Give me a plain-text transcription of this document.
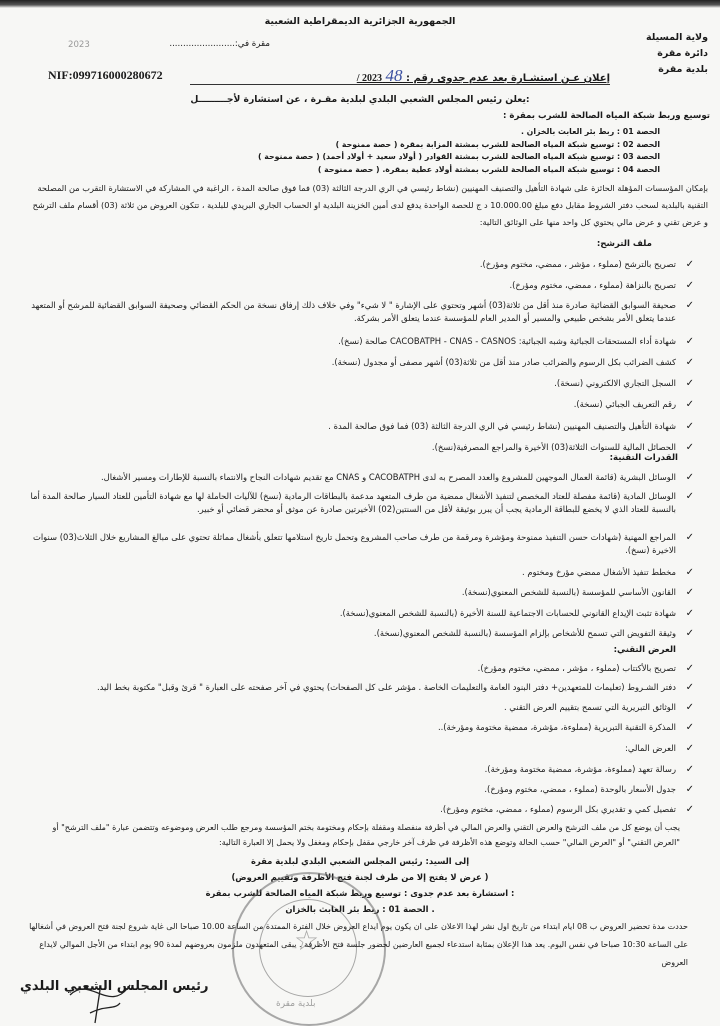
الجمهورية الجزائرية الديمقراطية الشعبية
ولاية المسيلة
دائرة مقرة
بلدية مقرة
مقرة في:........................
2023
NIF:099716000280672	إعلان عـن استشـارة بعد عدم جدوى رقم : 48 2023 /
يعلن رئيس المجلس الشعبي البلدي لبلدية مقـرة ، عن استشارة لأجـــــــــل:
توسيع وربط شبكة المياه الصالحة للشرب بمقرة :
الحصة 01 : ربط بئر العابث بالخزان .
الحصة 02 : توسيع شبكة المياه الصالحة للشرب بمشتة المزابة بمقرة ( حصة ممنوحة )
الحصة 03 : توسيع شبكة المياه الصالحة للشرب بمشتة القوادر ( أولاد سعيد + أولاد أحمد) ( حصة ممنوحة )
الحصة 04 : توسيع شبكة المياه الصالحة للشرب بمشتة أولاد عطية بمقرة. ( حصة ممنوحة )
بإمكان المؤسسات المؤهلة الحائزة على شهادة التأهيل والتصنيف المهنيين (نشاط رئيسي في الري الدرجة الثالثة (03) فما فوق صالحة المدة ، الراغبة في المشاركة في الاستشارة التقرب من المصلحة التقنية بالبلدية لسحب دفتر الشروط مقابل دفع مبلغ 10.000.00 د ج للحصة الواحدة يدفع لدى أمين الخزينة البلدية او الحساب الجاري البريدي للبلدية ، تتكون العروض من ثلاثة (03) أقسام ملف الترشح و عرض تقني و عرض مالي يحتوي كل واحد منها على الوثائق التالية:
ملف الترشح:
✓
تصريح بالترشح (مملوء ، مؤشر ، ممضي، مختوم ومؤرخ).
✓
تصريح بالنزاهة (مملوء ، ممضي، مختوم ومؤرخ).
✓
صحيفة السوابق القضائية صادرة منذ أقل من ثلاثة(03) أشهر وتحتوي على الإشارة " لا شيء" وفي خلاف ذلك إرفاق نسخة من الحكم القضائي وصحيفة السوابق القضائية للمرشح أو المتعهد عندما يتعلق الأمر بشخص طبيعي والمسير أو المدير العام للمؤسسة عندما يتعلق الأمر بشركة.
✓
شهادة أداء المستحقات الجبائية وشبه الجبائية: CACOBATPH - CNAS - CASNOS صالحة (نسخ).
✓
كشف الضرائب بكل الرسوم والضرائب صادر منذ أقل من ثلاثة(03) أشهر مصفى أو مجدول (نسخة).
✓
السجل التجاري الالكتروني (نسخة).
✓
رقم التعريف الجبائي (نسخة).
✓
شهادة التأهيل والتصنيف المهنيين (نشاط رئيسي في الري الدرجة الثالثة (03) فما فوق صالحة المدة .
✓
الحصائل المالية للسنوات الثلاثة(03) الأخيرة والمراجع المصرفية(نسخ).
القدرات التقنية:
✓
الوسائل البشرية (قائمة العمال الموجهين للمشروع والعدد المصرح به لدى CACOBATPH و CNAS مع تقديم شهادات النجاح والانتماء بالنسبة للإطارات ومسير الأشغال.
✓
الوسائل المادية (قائمة مفصلة للعتاد المخصص لتنفيذ الأشغال ممضية من طرف المتعهد مدعمة بالبطاقات الرمادية (نسخ) للآليات الحاملة لها مع شهادة التأمين للعتاد السيار صالحة المدة أما بالنسبة للعتاد الذي لا يخضع للبطاقة الرمادية يجب أن يبرر بوثيقة لأقل من السنتين(02) الأخيرتين صادرة عن موثق أو محضر قضائي أو خبير.
✓
المراجع المهنية (شهادات حسن التنفيذ ممنوحة ومؤشرة ومرقمة من طرف صاحب المشروع وتحمل تاريخ استلامها تتعلق بأشغال مماثلة تحتوي على مبالغ المشاريع خلال الثلاث(03) سنوات الاخيرة (نسخ).
✓
مخطط تنفيذ الأشغال ممضي مؤرخ ومختوم .
✓
القانون الأساسي للمؤسسة (بالنسبة للشخص المعنوي(نسخة).
✓
شهادة تثبت الإيداع القانوني للحسابات الاجتماعية للسنة الأخيرة (بالنسبة للشخص المعنوي(نسخة).
✓
وثيقة التفويض التي تسمح للأشخاص بإلزام المؤسسة (بالنسبة للشخص المعنوي(نسخة).
العرض التقني:
✓
تصريح بالأكتتاب (مملوء ، مؤشر ، ممضي، مختوم ومؤرخ).
✓
دفتر الشـروط (تعليمات للمتعهدين+ دفتر البنود العامة والتعليمات الخاصة . مؤشر على كل الصفحات) يحتوي في آخر صفحته على العبارة " قرئ وقبل" مكتوبة بخط اليد.
✓
الوثائق التبريرية التي تسمح بتقييم العرض التقني .
✓
المذكرة التقنية التبريرية (مملوءة، مؤشرة، ممضية مختومة ومؤرخة)..
✓
العرض المالي:
✓
رسالة تعهد (مملوءة، مؤشرة، ممضية مختومة ومؤرخة).
✓
جدول الأسعار بالوحدة (مملوء ، ممضي، مختوم ومؤرخ).
✓
تفصيل كمي و تقديري بكل الرسوم (مملوء ، ممضي، مختوم ومؤرخ).
يجب أن يوضع كل من ملف الترشح والعرض التقني والعرض المالي في أظرفة منفصلة ومقفلة بإحكام ومختومة بختم المؤسسة ومرجع طلب العرض وموضوعه وتتضمن عبارة "ملف الترشح" أو "العرض التقني" أو "العرض المالي" حسب الحالة وتوضع هذه الأظرفة في ظرف آخر خارجي مقفل بإحكام ومغفل ولا يحمل إلا العبارة التالية:
إلى السيد: رئيس المجلس الشعبي البلدي لبلدية مقرة
(عرض لا يفتح إلا من طرف لجنة فتح الأظرفة وتقييم العروض )
استشارة بعد عدم جدوى : توسيع وربط شبكة المياه الصالحة للشرب بمقرة :
الحصة 01 : ربط بئر العابث بالخزان .
☆
بلدية مقرة
حددت مدة تحضير العروض ب 08 ايام ابتداء من تاريخ اول نشر لهذا الاعلان على ان يكون يوم ايداع العروض خلال الفترة الممتدة من الساعة 10.00 صباحا الى غاية شروع لجنة فتح العروض في أشغالها على الساعة 10:30 صباحا في نفس اليوم. يعد هذا الإعلان بمثابة استدعاء لجميع العارضين لحضور جلسة فتح الأظرفة . يبقى المتعهدون ملزمون بعروضهم لمدة 90 يوم ابتداء من الأجل الموالي لايداع العروض
رئيس المجلس الشعبي البلدي
